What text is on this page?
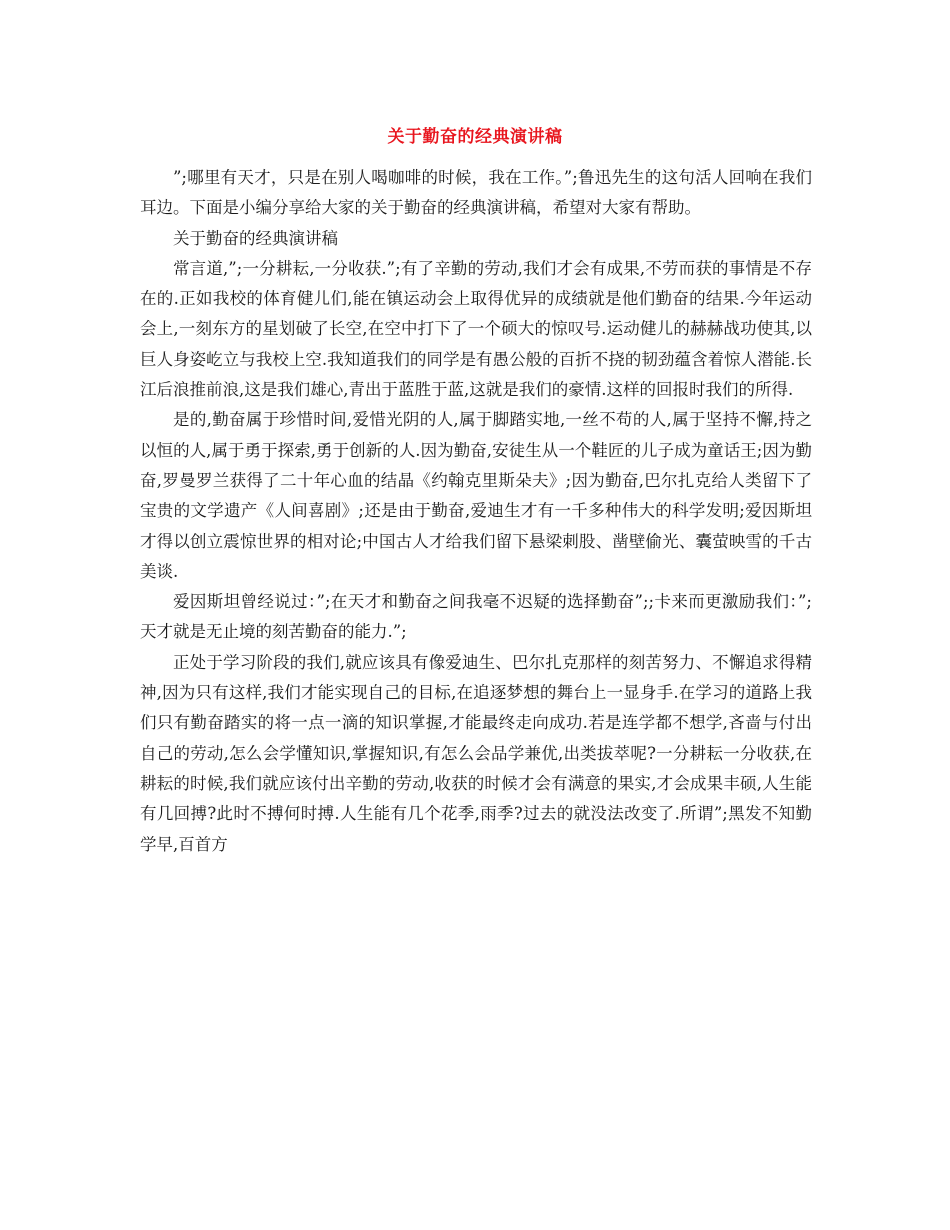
关于勤奋的经典演讲稿

”;哪里有天才，只是在别人喝咖啡的时候，我在工作。”;鲁迅先生的这句活人回响在我们耳边。下面是小编分享给大家的关于勤奋的经典演讲稿，希望对大家有帮助。

关于勤奋的经典演讲稿

常言道,”;一分耕耘,一分收获.”;有了辛勤的劳动,我们才会有成果,不劳而获的事情是不存在的.正如我校的体育健儿们,能在镇运动会上取得优异的成绩就是他们勤奋的结果.今年运动会上,一刻东方的星划破了长空,在空中打下了一个硕大的惊叹号.运动健儿的赫赫战功使其,以巨人身姿屹立与我校上空.我知道我们的同学是有愚公般的百折不挠的韧劲蕴含着惊人潜能.长江后浪推前浪,这是我们雄心,青出于蓝胜于蓝,这就是我们的豪情.这样的回报时我们的所得.

是的,勤奋属于珍惜时间,爱惜光阴的人,属于脚踏实地,一丝不苟的人,属于坚持不懈,持之以恒的人,属于勇于探索,勇于创新的人.因为勤奋,安徒生从一个鞋匠的儿子成为童话王;因为勤奋,罗曼罗兰获得了二十年心血的结晶《约翰克里斯朵夫》;因为勤奋,巴尔扎克给人类留下了宝贵的文学遗产《人间喜剧》;还是由于勤奋,爱迪生才有一千多种伟大的科学发明;爱因斯坦才得以创立震惊世界的相对论;中国古人才给我们留下悬梁刺股、凿壁偷光、囊萤映雪的千古美谈.

爱因斯坦曾经说过：”;在天才和勤奋之间我毫不迟疑的选择勤奋”;;卡来而更激励我们：”;天才就是无止境的刻苦勤奋的能力.”;

正处于学习阶段的我们,就应该具有像爱迪生、巴尔扎克那样的刻苦努力、不懈追求得精神,因为只有这样,我们才能实现自己的目标,在追逐梦想的舞台上一显身手.在学习的道路上我们只有勤奋踏实的将一点一滴的知识掌握,才能最终走向成功.若是连学都不想学,吝啬与付出自己的劳动,怎么会学懂知识,掌握知识,有怎么会品学兼优,出类拔萃呢?一分耕耘一分收获,在耕耘的时候,我们就应该付出辛勤的劳动,收获的时候才会有满意的果实,才会成果丰硕,人生能有几回搏?此时不搏何时搏.人生能有几个花季,雨季?过去的就没法改变了.所谓”;黑发不知勤学早,百首方
